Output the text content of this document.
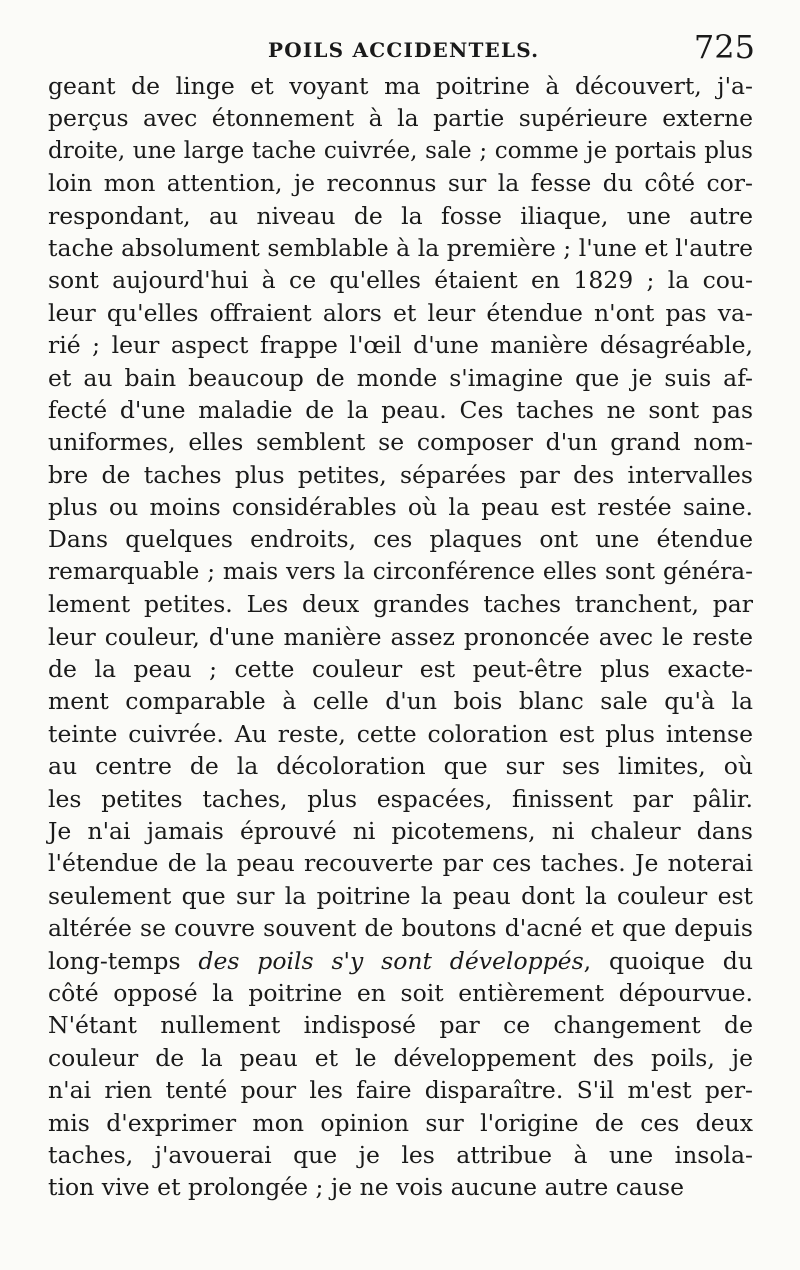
POILS ACCIDENTELS.	725
geant de linge et voyant ma poitrine à découvert, j'a-
perçus avec étonnement à la partie supérieure externe
droite, une large tache cuivrée, sale ; comme je portais plus
loin mon attention, je reconnus sur la fesse du côté cor-
respondant, au niveau de la fosse iliaque, une autre
tache absolument semblable à la première ; l'une et l'autre
sont aujourd'hui à ce qu'elles étaient en 1829 ; la cou-
leur qu'elles offraient alors et leur étendue n'ont pas va-
rié ; leur aspect frappe l'œil d'une manière désagréable,
et au bain beaucoup de monde s'imagine que je suis af-
fecté d'une maladie de la peau. Ces taches ne sont pas
uniformes, elles semblent se composer d'un grand nom-
bre de taches plus petites, séparées par des intervalles
plus ou moins considérables où la peau est restée saine.
Dans quelques endroits, ces plaques ont une étendue
remarquable ; mais vers la circonférence elles sont généra-
lement petites. Les deux grandes taches tranchent, par
leur couleur, d'une manière assez prononcée avec le reste
de la peau ; cette couleur est peut-être plus exacte-
ment comparable à celle d'un bois blanc sale qu'à la
teinte cuivrée. Au reste, cette coloration est plus intense
au centre de la décoloration que sur ses limites, où
les petites taches, plus espacées, finissent par pâlir.
Je n'ai jamais éprouvé ni picotemens, ni chaleur dans
l'étendue de la peau recouverte par ces taches. Je noterai
seulement que sur la poitrine la peau dont la couleur est
altérée se couvre souvent de boutons d'acné et que depuis
long-temps des poils s'y sont développés, quoique du
côté opposé la poitrine en soit entièrement dépourvue.
N'étant nullement indisposé par ce changement de
couleur de la peau et le développement des poils, je
n'ai rien tenté pour les faire disparaître. S'il m'est per-
mis d'exprimer mon opinion sur l'origine de ces deux
taches, j'avouerai que je les attribue à une insola-
tion vive et prolongée ; je ne vois aucune autre cause
